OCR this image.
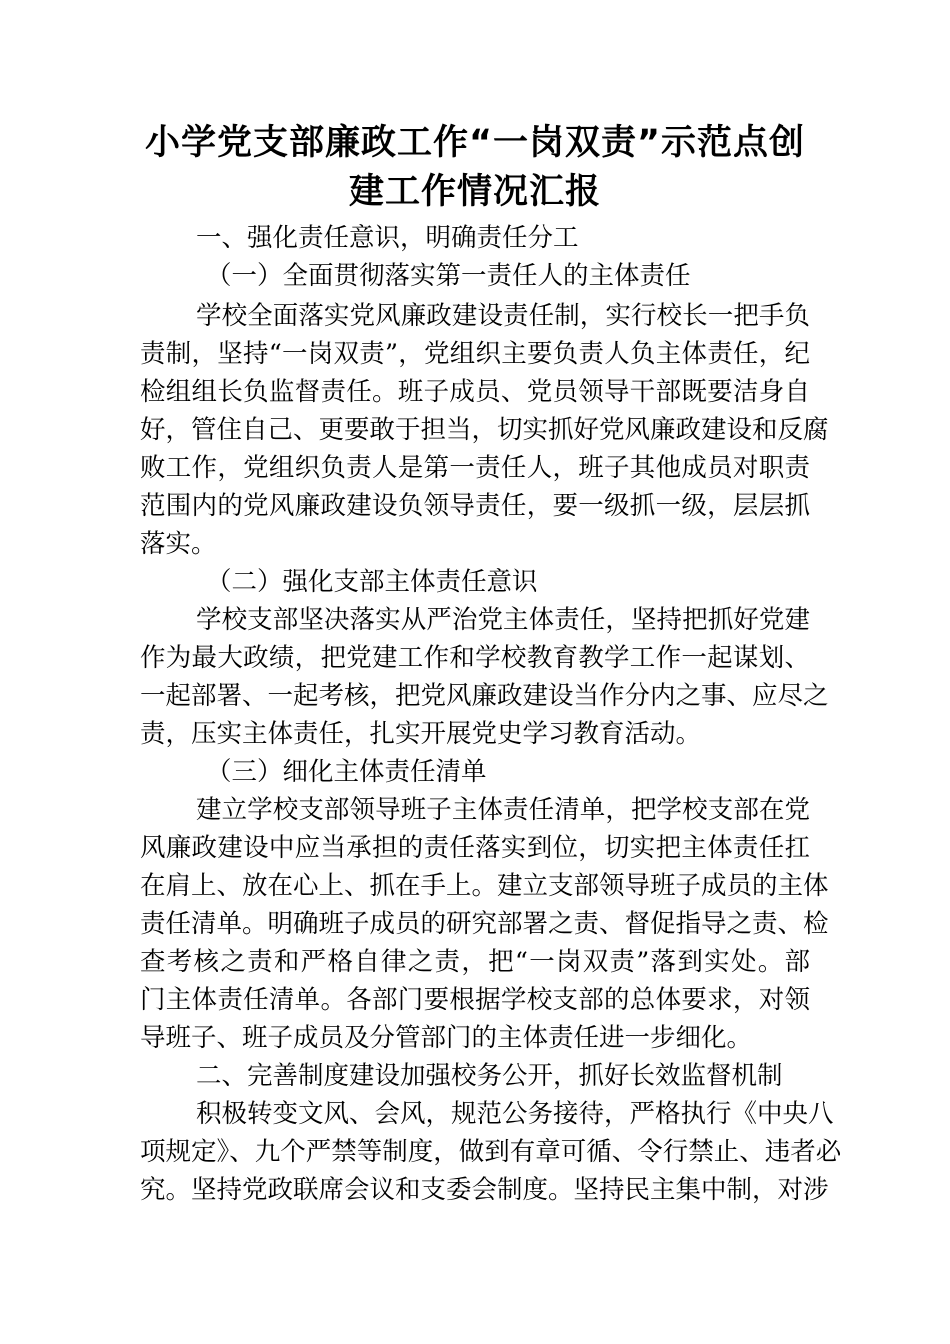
小学党支部廉政工作“一岗双责”示范点创
建工作情况汇报

一、强化责任意识，明确责任分工

（一）全面贯彻落实第一责任人的主体责任

学校全面落实党风廉政建设责任制，实行校长一把手负

责制，坚持“一岗双责”，党组织主要负责人负主体责任，纪

检组组长负监督责任。班子成员、党员领导干部既要洁身自

好，管住自己、更要敢于担当，切实抓好党风廉政建设和反腐

败工作，党组织负责人是第一责任人，班子其他成员对职责

范围内的党风廉政建设负领导责任，要一级抓一级，层层抓

落实。

（二）强化支部主体责任意识

学校支部坚决落实从严治党主体责任，坚持把抓好党建

作为最大政绩，把党建工作和学校教育教学工作一起谋划、

一起部署、一起考核，把党风廉政建设当作分内之事、应尽之

责，压实主体责任，扎实开展党史学习教育活动。

（三）细化主体责任清单

建立学校支部领导班子主体责任清单，把学校支部在党

风廉政建设中应当承担的责任落实到位，切实把主体责任扛

在肩上、放在心上、抓在手上。建立支部领导班子成员的主体

责任清单。明确班子成员的研究部署之责、督促指导之责、检

查考核之责和严格自律之责，把“一岗双责”落到实处。部

门主体责任清单。各部门要根据学校支部的总体要求，对领

导班子、班子成员及分管部门的主体责任进一步细化。

二、完善制度建设加强校务公开，抓好长效监督机制

积极转变文风、会风，规范公务接待，严格执行《中央八

项规定》、九个严禁等制度，做到有章可循、令行禁止、违者必

究。坚持党政联席会议和支委会制度。坚持民主集中制，对涉
